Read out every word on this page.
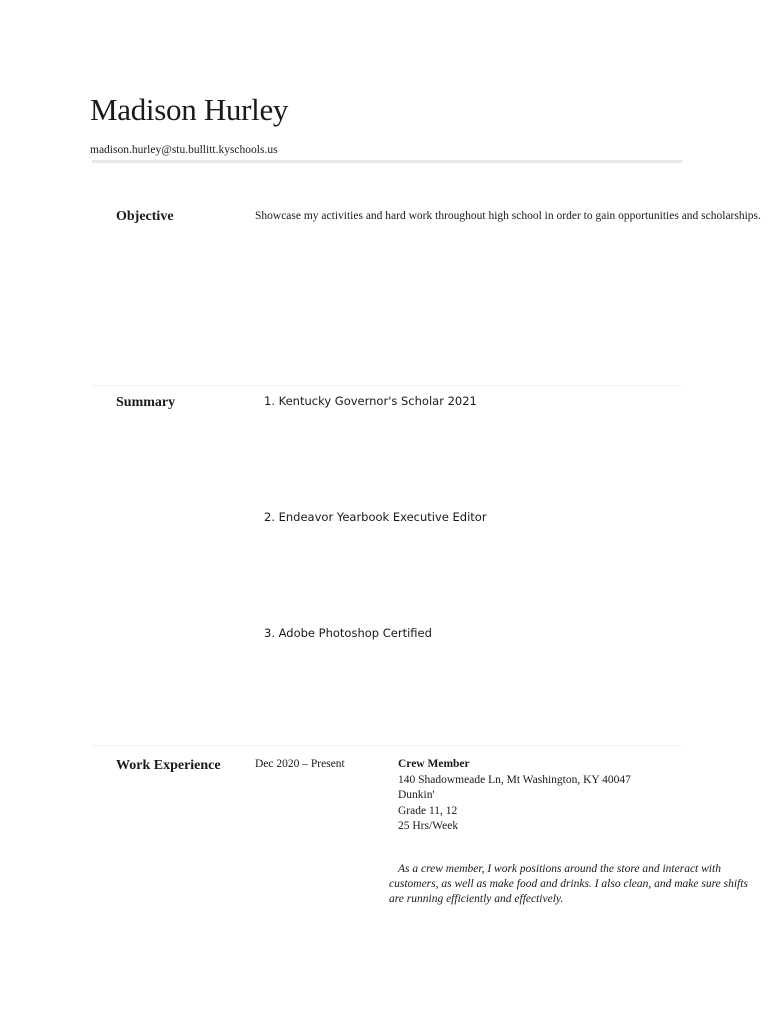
Madison Hurley
madison.hurley@stu.bullitt.kyschools.us
Objective	Showcase my activities and hard work throughout high school in order to gain opportunities and scholarships.
Summary	1. Kentucky Governor's Scholar 2021
2. Endeavor Yearbook Executive Editor
3. Adobe Photoshop Certified
Work Experience	Dec 2020 – Present	Crew Member
140 Shadowmeade Ln, Mt Washington, KY 40047
Dunkin'
Grade 11, 12
25 Hrs/Week
As a crew member, I work positions around the store and interact with customers, as well as make food and drinks. I also clean, and make sure shifts are running efficiently and effectively.
